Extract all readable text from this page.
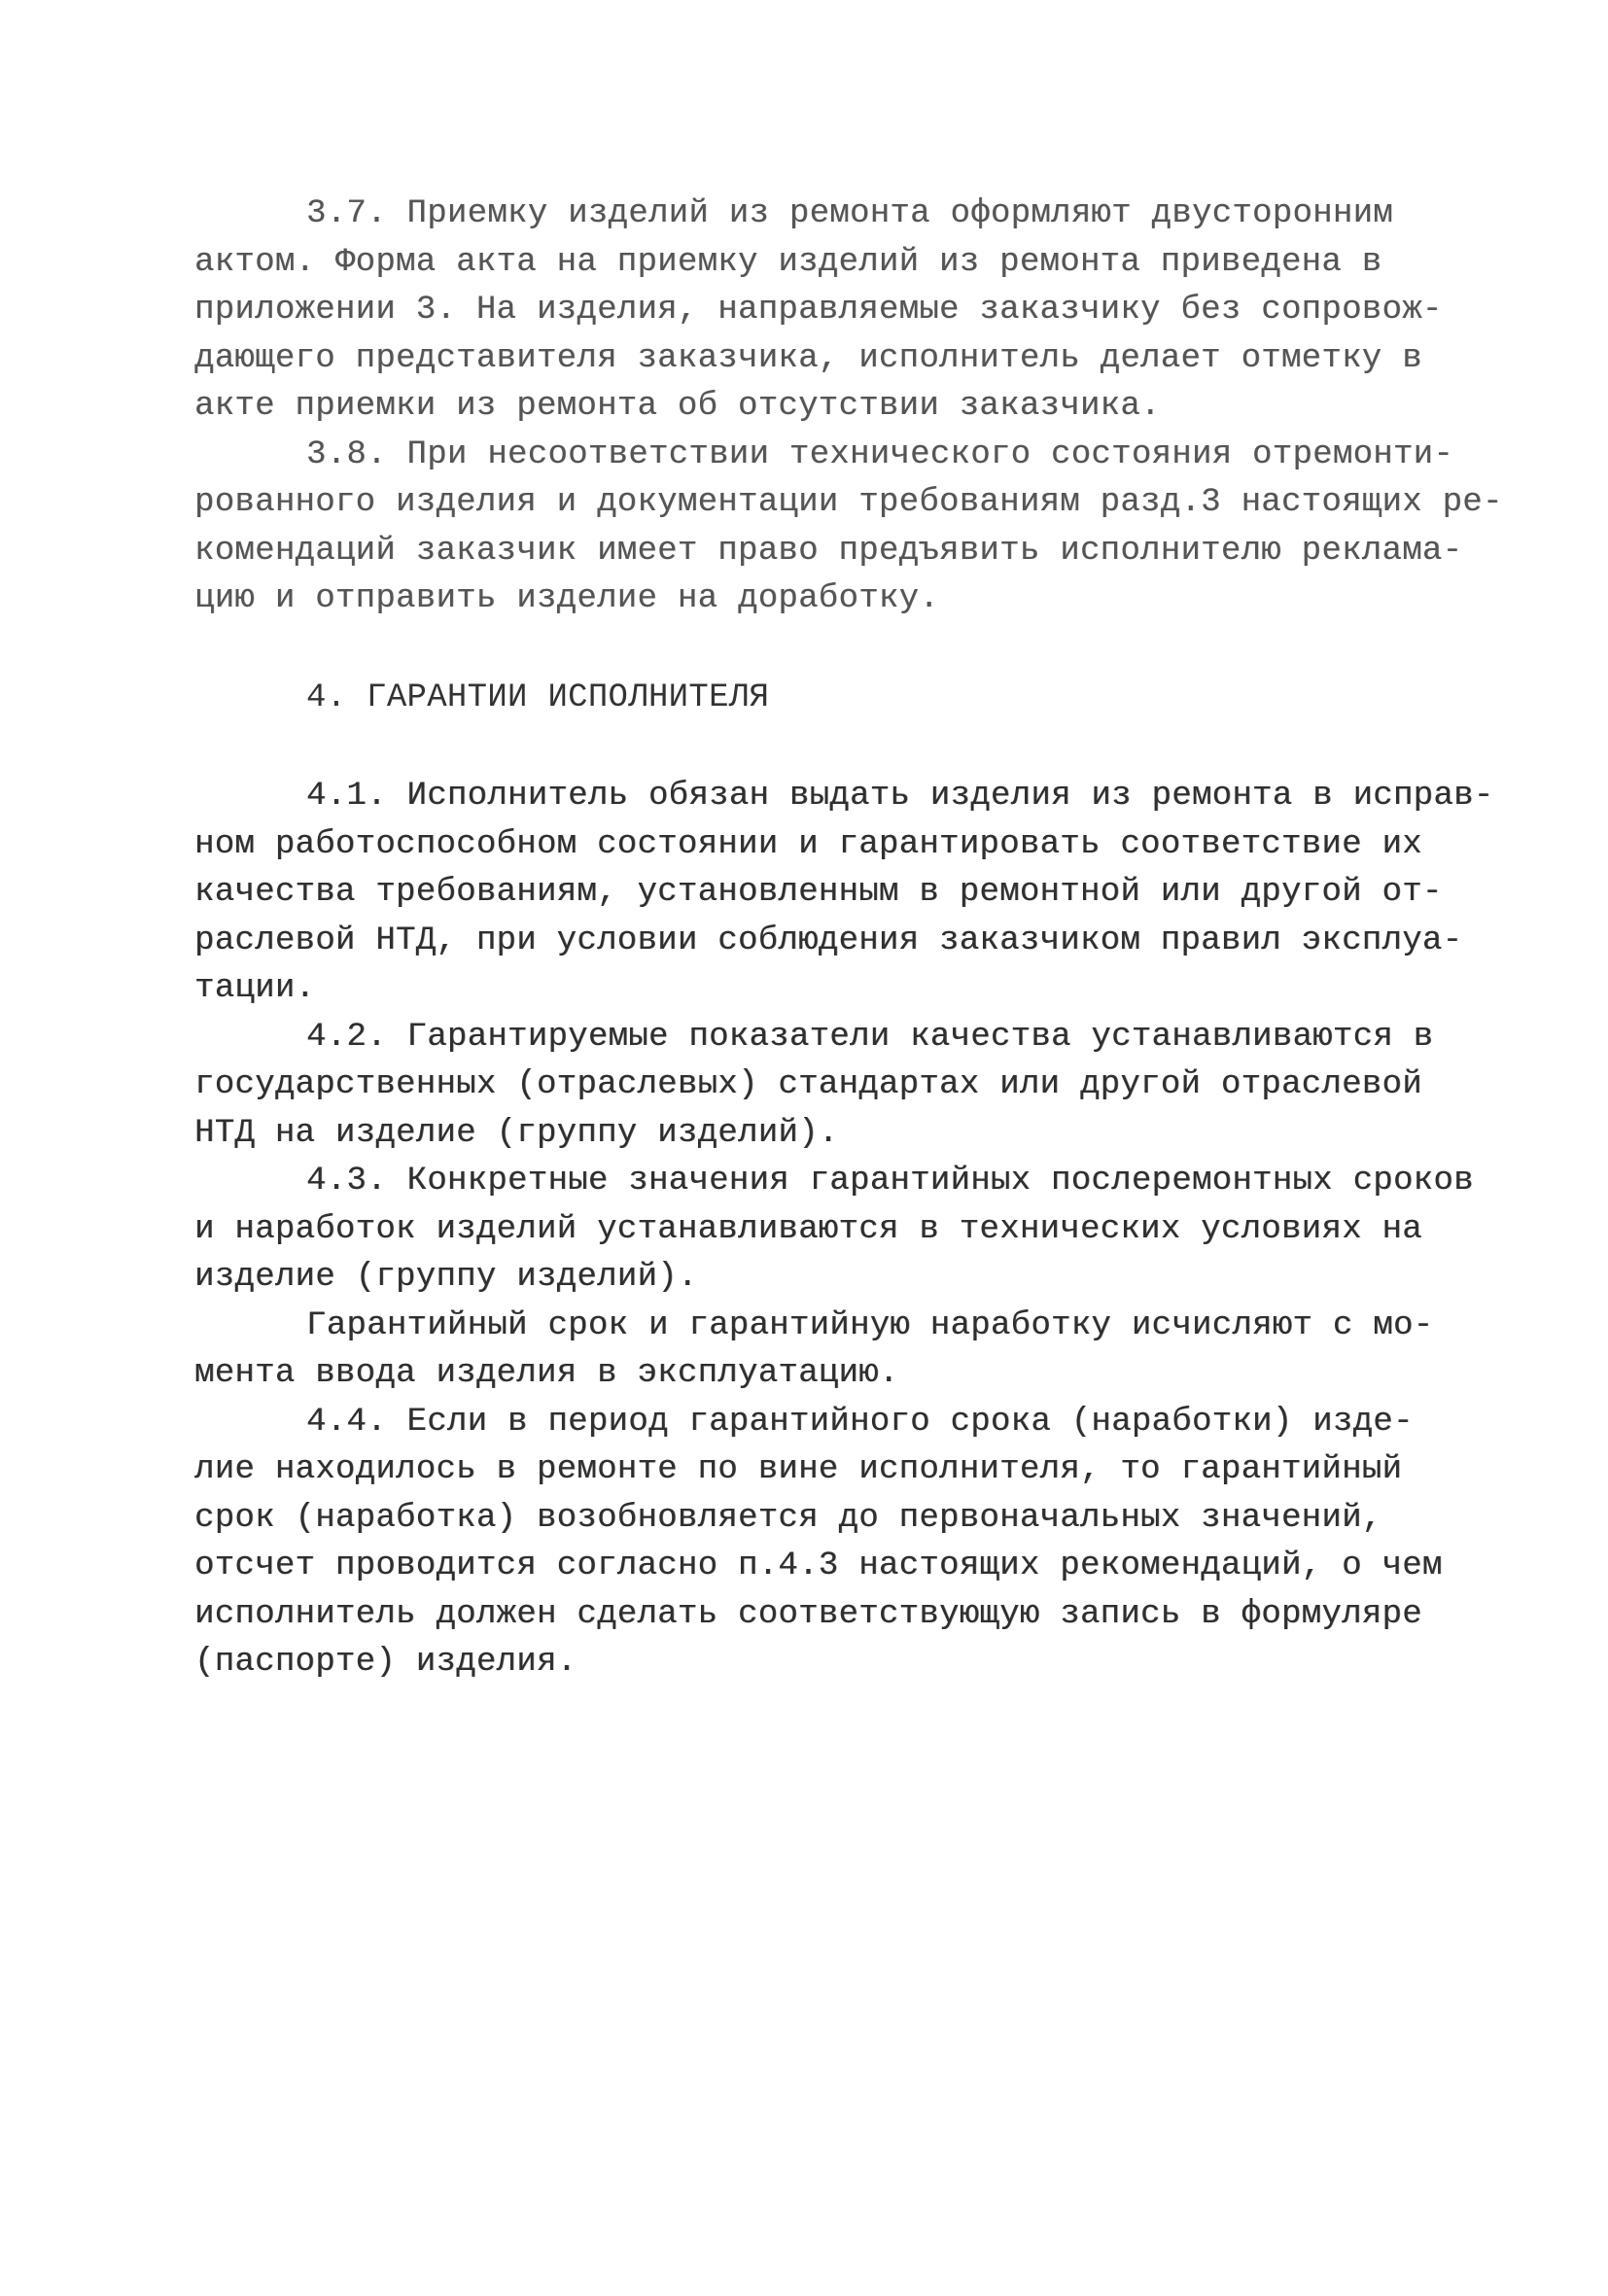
3.7. Приемку изделий из ремонта оформляют двусторонним
актом. Форма акта на приемку изделий из ремонта приведена в
приложении 3. На изделия, направляемые заказчику без сопровож-
дающего представителя заказчика, исполнитель делает отметку в
акте приемки из ремонта об отсутствии заказчика.

3.8. При несоответствии технического состояния отремонти-
рованного изделия и документации требованиям разд.3 настоящих ре-
комендаций заказчик имеет право предъявить исполнителю реклама-
цию и отправить изделие на доработку.

4. ГАРАНТИИ ИСПОЛНИТЕЛЯ

4.1. Исполнитель обязан выдать изделия из ремонта в исправ-
ном работоспособном состоянии и гарантировать соответствие их
качества требованиям, установленным в ремонтной или другой от-
раслевой НТД, при условии соблюдения заказчиком правил эксплуа-
тации.

4.2. Гарантируемые показатели качества устанавливаются в
государственных (отраслевых) стандартах или другой отраслевой
НТД на изделие (группу изделий).

4.3. Конкретные значения гарантийных послеремонтных сроков
и наработок изделий устанавливаются в технических условиях на
изделие (группу изделий).

Гарантийный срок и гарантийную наработку исчисляют с мо-
мента ввода изделия в эксплуатацию.

4.4. Если в период гарантийного срока (наработки) изде-
лие находилось в ремонте по вине исполнителя, то гарантийный
срок (наработка) возобновляется до первоначальных значений,
отсчет проводится согласно п.4.3 настоящих рекомендаций, о чем
исполнитель должен сделать соответствующую запись в формуляре
(паспорте) изделия.
